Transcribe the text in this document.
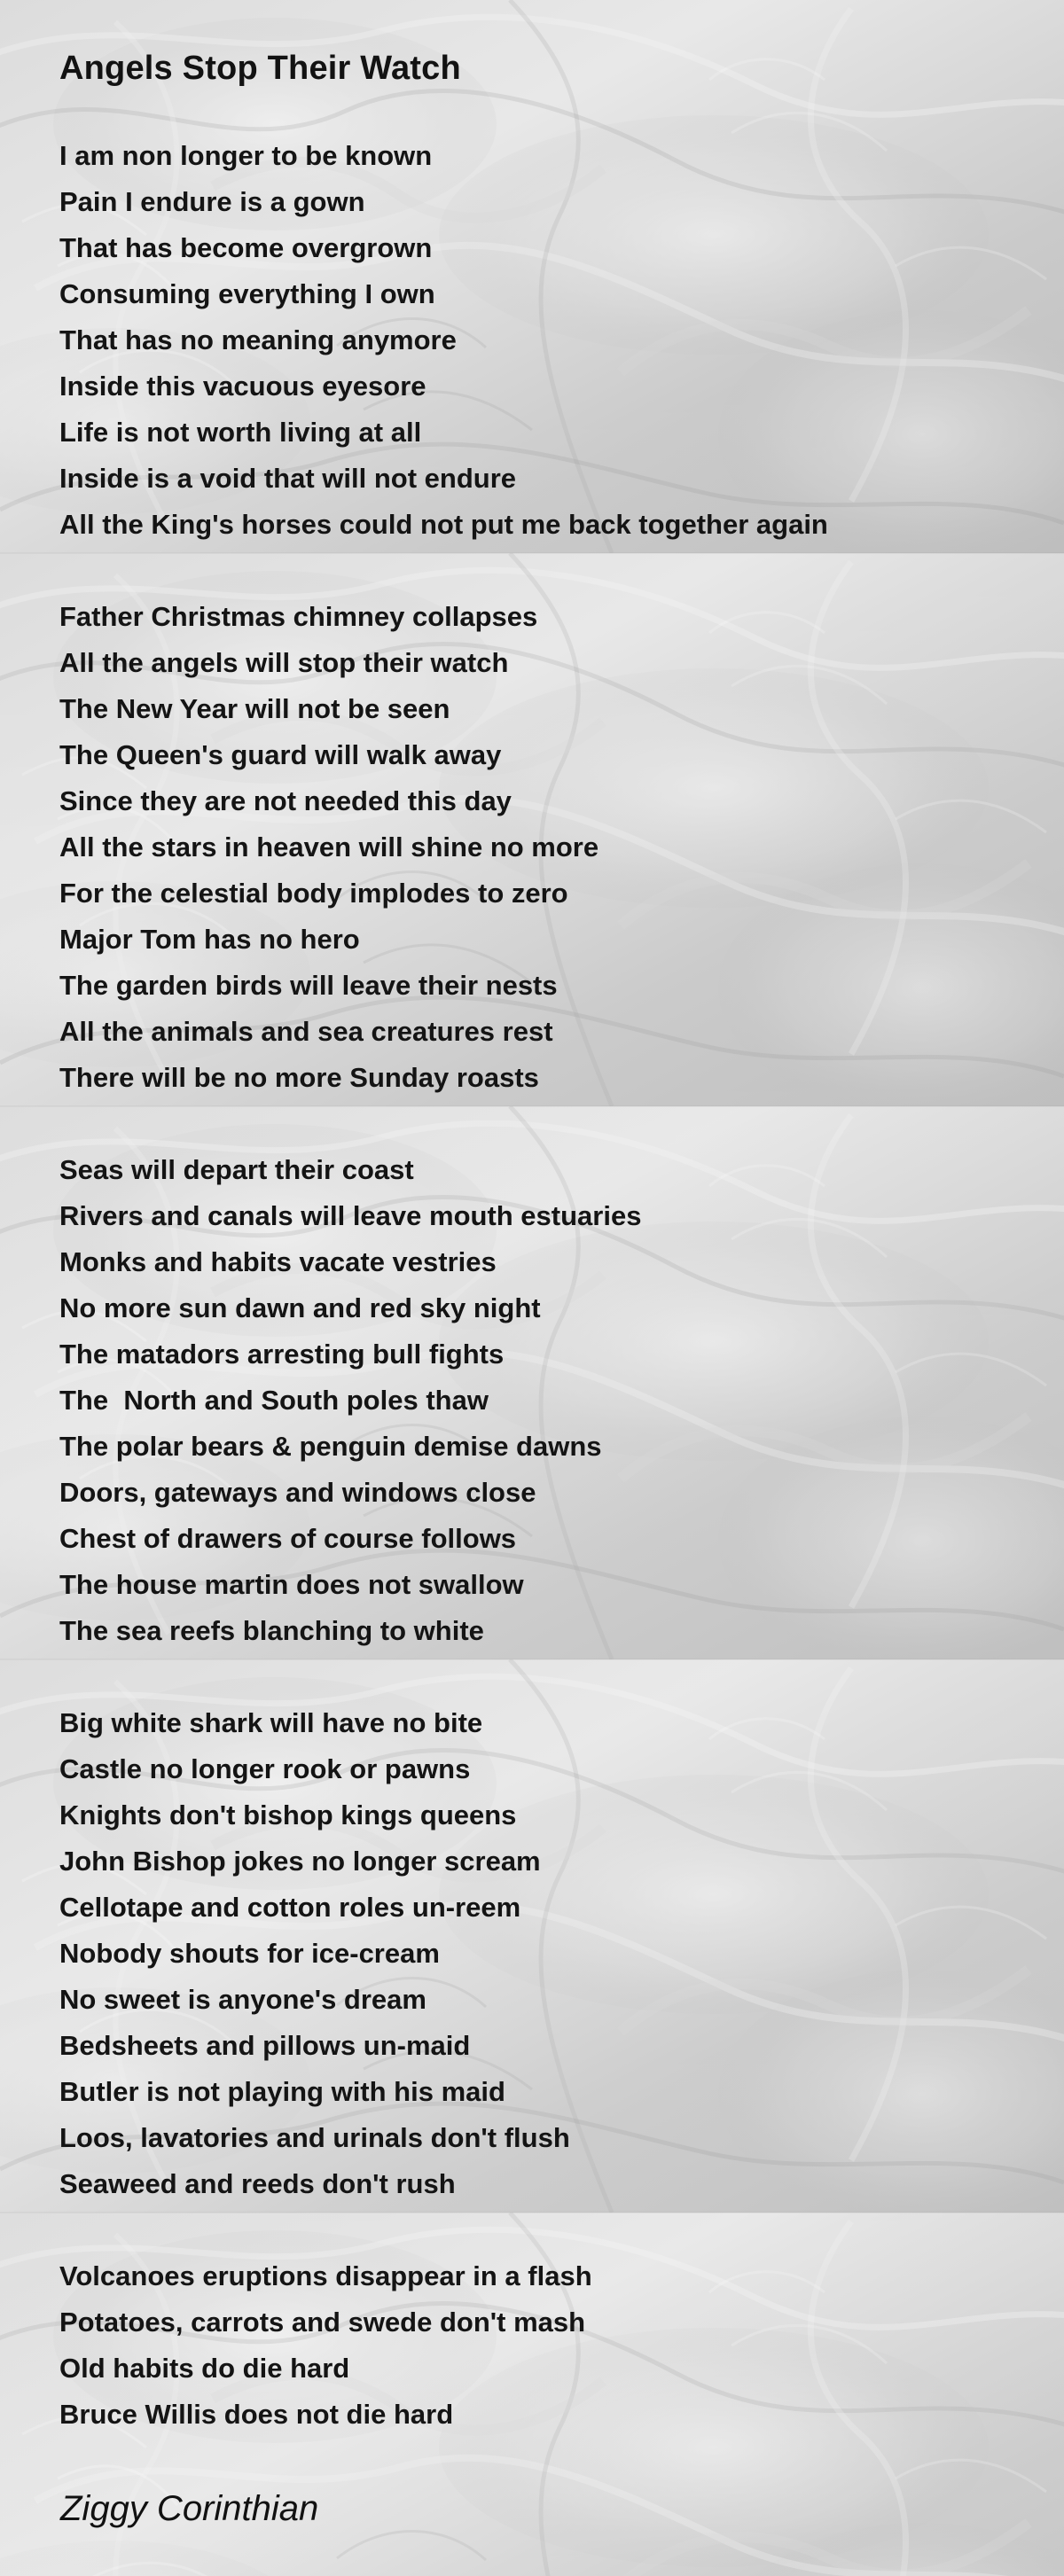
Angels Stop Their Watch
I am non longer to be known
Pain I endure is a gown
That has become overgrown
Consuming everything I own
That has no meaning anymore
Inside this vacuous eyesore
Life is not worth living at all
Inside is a void that will not endure
All the King's horses could not put me back together again
Father Christmas chimney collapses
All the angels will stop their watch
The New Year will not be seen
The Queen's guard will walk away
Since they are not needed this day
All the stars in heaven will shine no more
For the celestial body implodes to zero
Major Tom has no hero
The garden birds will leave their nests
All the animals and sea creatures rest
There will be no more Sunday roasts
Seas will depart their coast
Rivers and canals will leave mouth estuaries
Monks and habits vacate vestries
No more sun dawn and red sky night
The matadors arresting bull fights
The  North and South poles thaw
The polar bears & penguin demise dawns
Doors, gateways and windows close
Chest of drawers of course follows
The house martin does not swallow
The sea reefs blanching to white
Big white shark will have no bite
Castle no longer rook or pawns
Knights don't bishop kings queens
John Bishop jokes no longer scream
Cellotape and cotton roles un-reem
Nobody shouts for ice-cream
No sweet is anyone's dream
Bedsheets and pillows un-maid
Butler is not playing with his maid
Loos, lavatories and urinals don't flush
Seaweed and reeds don't rush
Volcanoes eruptions disappear in a flash
Potatoes, carrots and swede don't mash
Old habits do die hard
Bruce Willis does not die hard
Ziggy Corinthian
